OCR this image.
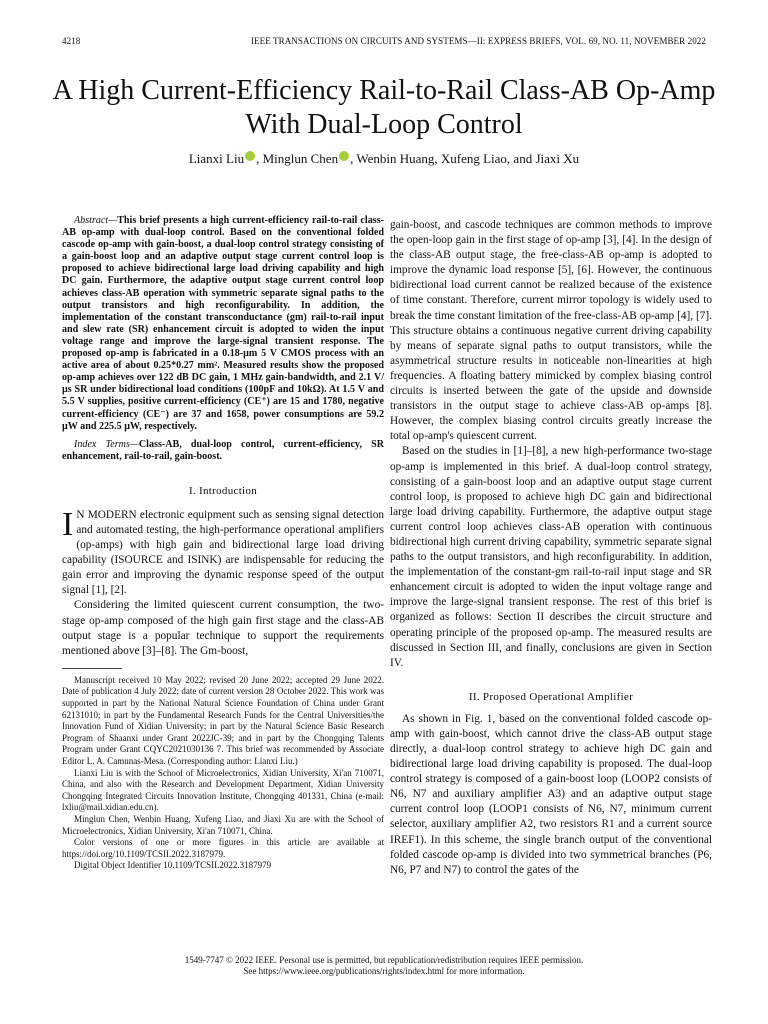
4218	IEEE TRANSACTIONS ON CIRCUITS AND SYSTEMS—II: EXPRESS BRIEFS, VOL. 69, NO. 11, NOVEMBER 2022
A High Current-Efficiency Rail-to-Rail Class-AB Op-Amp With Dual-Loop Control
Lianxi Liu , Minglun Chen , Wenbin Huang, Xufeng Liao, and Jiaxi Xu

Abstract—This brief presents a high current-efficiency rail-to-rail class-AB op-amp with dual-loop control. Based on the conventional folded cascode op-amp with gain-boost, a dual-loop control strategy consisting of a gain-boost loop and an adaptive output stage current control loop is proposed to achieve bidirectional large load driving capability and high DC gain. Furthermore, the adaptive output stage current control loop achieves class-AB operation with symmetric separate signal paths to the output transistors and high reconfigurability. In addition, the implementation of the constant transconductance (gm) rail-to-rail input and slew rate (SR) enhancement circuit is adopted to widen the input voltage range and improve the large-signal transient response. The proposed op-amp is fabricated in a 0.18-μm 5 V CMOS process with an active area of about 0.25*0.27 mm². Measured results show the proposed op-amp achieves over 122 dB DC gain, 1 MHz gain-bandwidth, and 2.1 V/μs SR under bidirectional load conditions (100pF and 10kΩ). At 1.5 V and 5.5 V supplies, positive current-efficiency (CE⁺) are 15 and 1780, negative current-efficiency (CE⁻) are 37 and 1658, power consumptions are 59.2 μW and 225.5 μW, respectively.

Index Terms—Class-AB, dual-loop control, current-efficiency, SR enhancement, rail-to-rail, gain-boost.

I. Introduction

I N MODERN electronic equipment such as sensing signal detection and automated testing, the high-performance operational amplifiers (op-amps) with high gain and bidirectional large load driving capability (ISOURCE and ISINK) are indispensable for reducing the gain error and improving the dynamic response speed of the output signal [1], [2].

Considering the limited quiescent current consumption, the two-stage op-amp composed of the high gain first stage and the class-AB output stage is a popular technique to support the requirements mentioned above [3]–[8]. The Gm-boost,

Manuscript received 10 May 2022; revised 20 June 2022; accepted 29 June 2022. Date of publication 4 July 2022; date of current version 28 October 2022. This work was supported in part by the National Natural Science Foundation of China under Grant 62131010; in part by the Fundamental Research Funds for the Central Universities/the Innovation Fund of Xidian University; in part by the Natural Science Basic Research Program of Shaanxi under Grant 2022JC-39; and in part by the Chongqing Talents Program under Grant CQYC2021030136 7. This brief was recommended by Associate Editor L. A. Camunas-Mesa. (Corresponding author: Lianxi Liu.)

Lianxi Liu is with the School of Microelectronics, Xidian University, Xi'an 710071, China, and also with the Research and Development Department, Xidian University Chongqing Integrated Circuits Innovation Institute, Chongqing 401331, China (e-mail: lxliu@mail.xidian.edu.cn).

Minglun Chen, Wenbin Huang, Xufeng Liao, and Jiaxi Xu are with the School of Microelectronics, Xidian University, Xi'an 710071, China.

Color versions of one or more figures in this article are available at https://doi.org/10.1109/TCSII.2022.3187979.

Digital Object Identifier 10.1109/TCSII.2022.3187979

gain-boost, and cascode techniques are common methods to improve the open-loop gain in the first stage of op-amp [3], [4]. In the design of the class-AB output stage, the free-class-AB op-amp is adopted to improve the dynamic load response [5], [6]. However, the continuous bidirectional load current cannot be realized because of the existence of time constant. Therefore, current mirror topology is widely used to break the time constant limitation of the free-class-AB op-amp [4], [7]. This structure obtains a continuous negative current driving capability by means of separate signal paths to output transistors, while the asymmetrical structure results in noticeable non-linearities at high frequencies. A floating battery mimicked by complex biasing control circuits is inserted between the gate of the upside and downside transistors in the output stage to achieve class-AB op-amps [8]. However, the complex biasing control circuits greatly increase the total op-amp's quiescent current.

Based on the studies in [1]–[8], a new high-performance two-stage op-amp is implemented in this brief. A dual-loop control strategy, consisting of a gain-boost loop and an adaptive output stage current control loop, is proposed to achieve high DC gain and bidirectional large load driving capability. Furthermore, the adaptive output stage current control loop achieves class-AB operation with continuous bidirectional high current driving capability, symmetric separate signal paths to the output transistors, and high reconfigurability. In addition, the implementation of the constant-gm rail-to-rail input stage and SR enhancement circuit is adopted to widen the input voltage range and improve the large-signal transient response. The rest of this brief is organized as follows: Section II describes the circuit structure and operating principle of the proposed op-amp. The measured results are discussed in Section III, and finally, conclusions are given in Section IV.

II. Proposed Operational Amplifier

As shown in Fig. 1, based on the conventional folded cascode op-amp with gain-boost, which cannot drive the class-AB output stage directly, a dual-loop control strategy to achieve high DC gain and bidirectional large load driving capability is proposed. The dual-loop control strategy is composed of a gain-boost loop (LOOP2 consists of N6, N7 and auxiliary amplifier A3) and an adaptive output stage current control loop (LOOP1 consists of N6, N7, minimum current selector, auxiliary amplifier A2, two resistors R1 and a current source IREF1). In this scheme, the single branch output of the conventional folded cascode op-amp is divided into two symmetrical branches (P6, N6, P7 and N7) to control the gates of the

1549-7747 © 2022 IEEE. Personal use is permitted, but republication/redistribution requires IEEE permission.
See https://www.ieee.org/publications/rights/index.html for more information.
